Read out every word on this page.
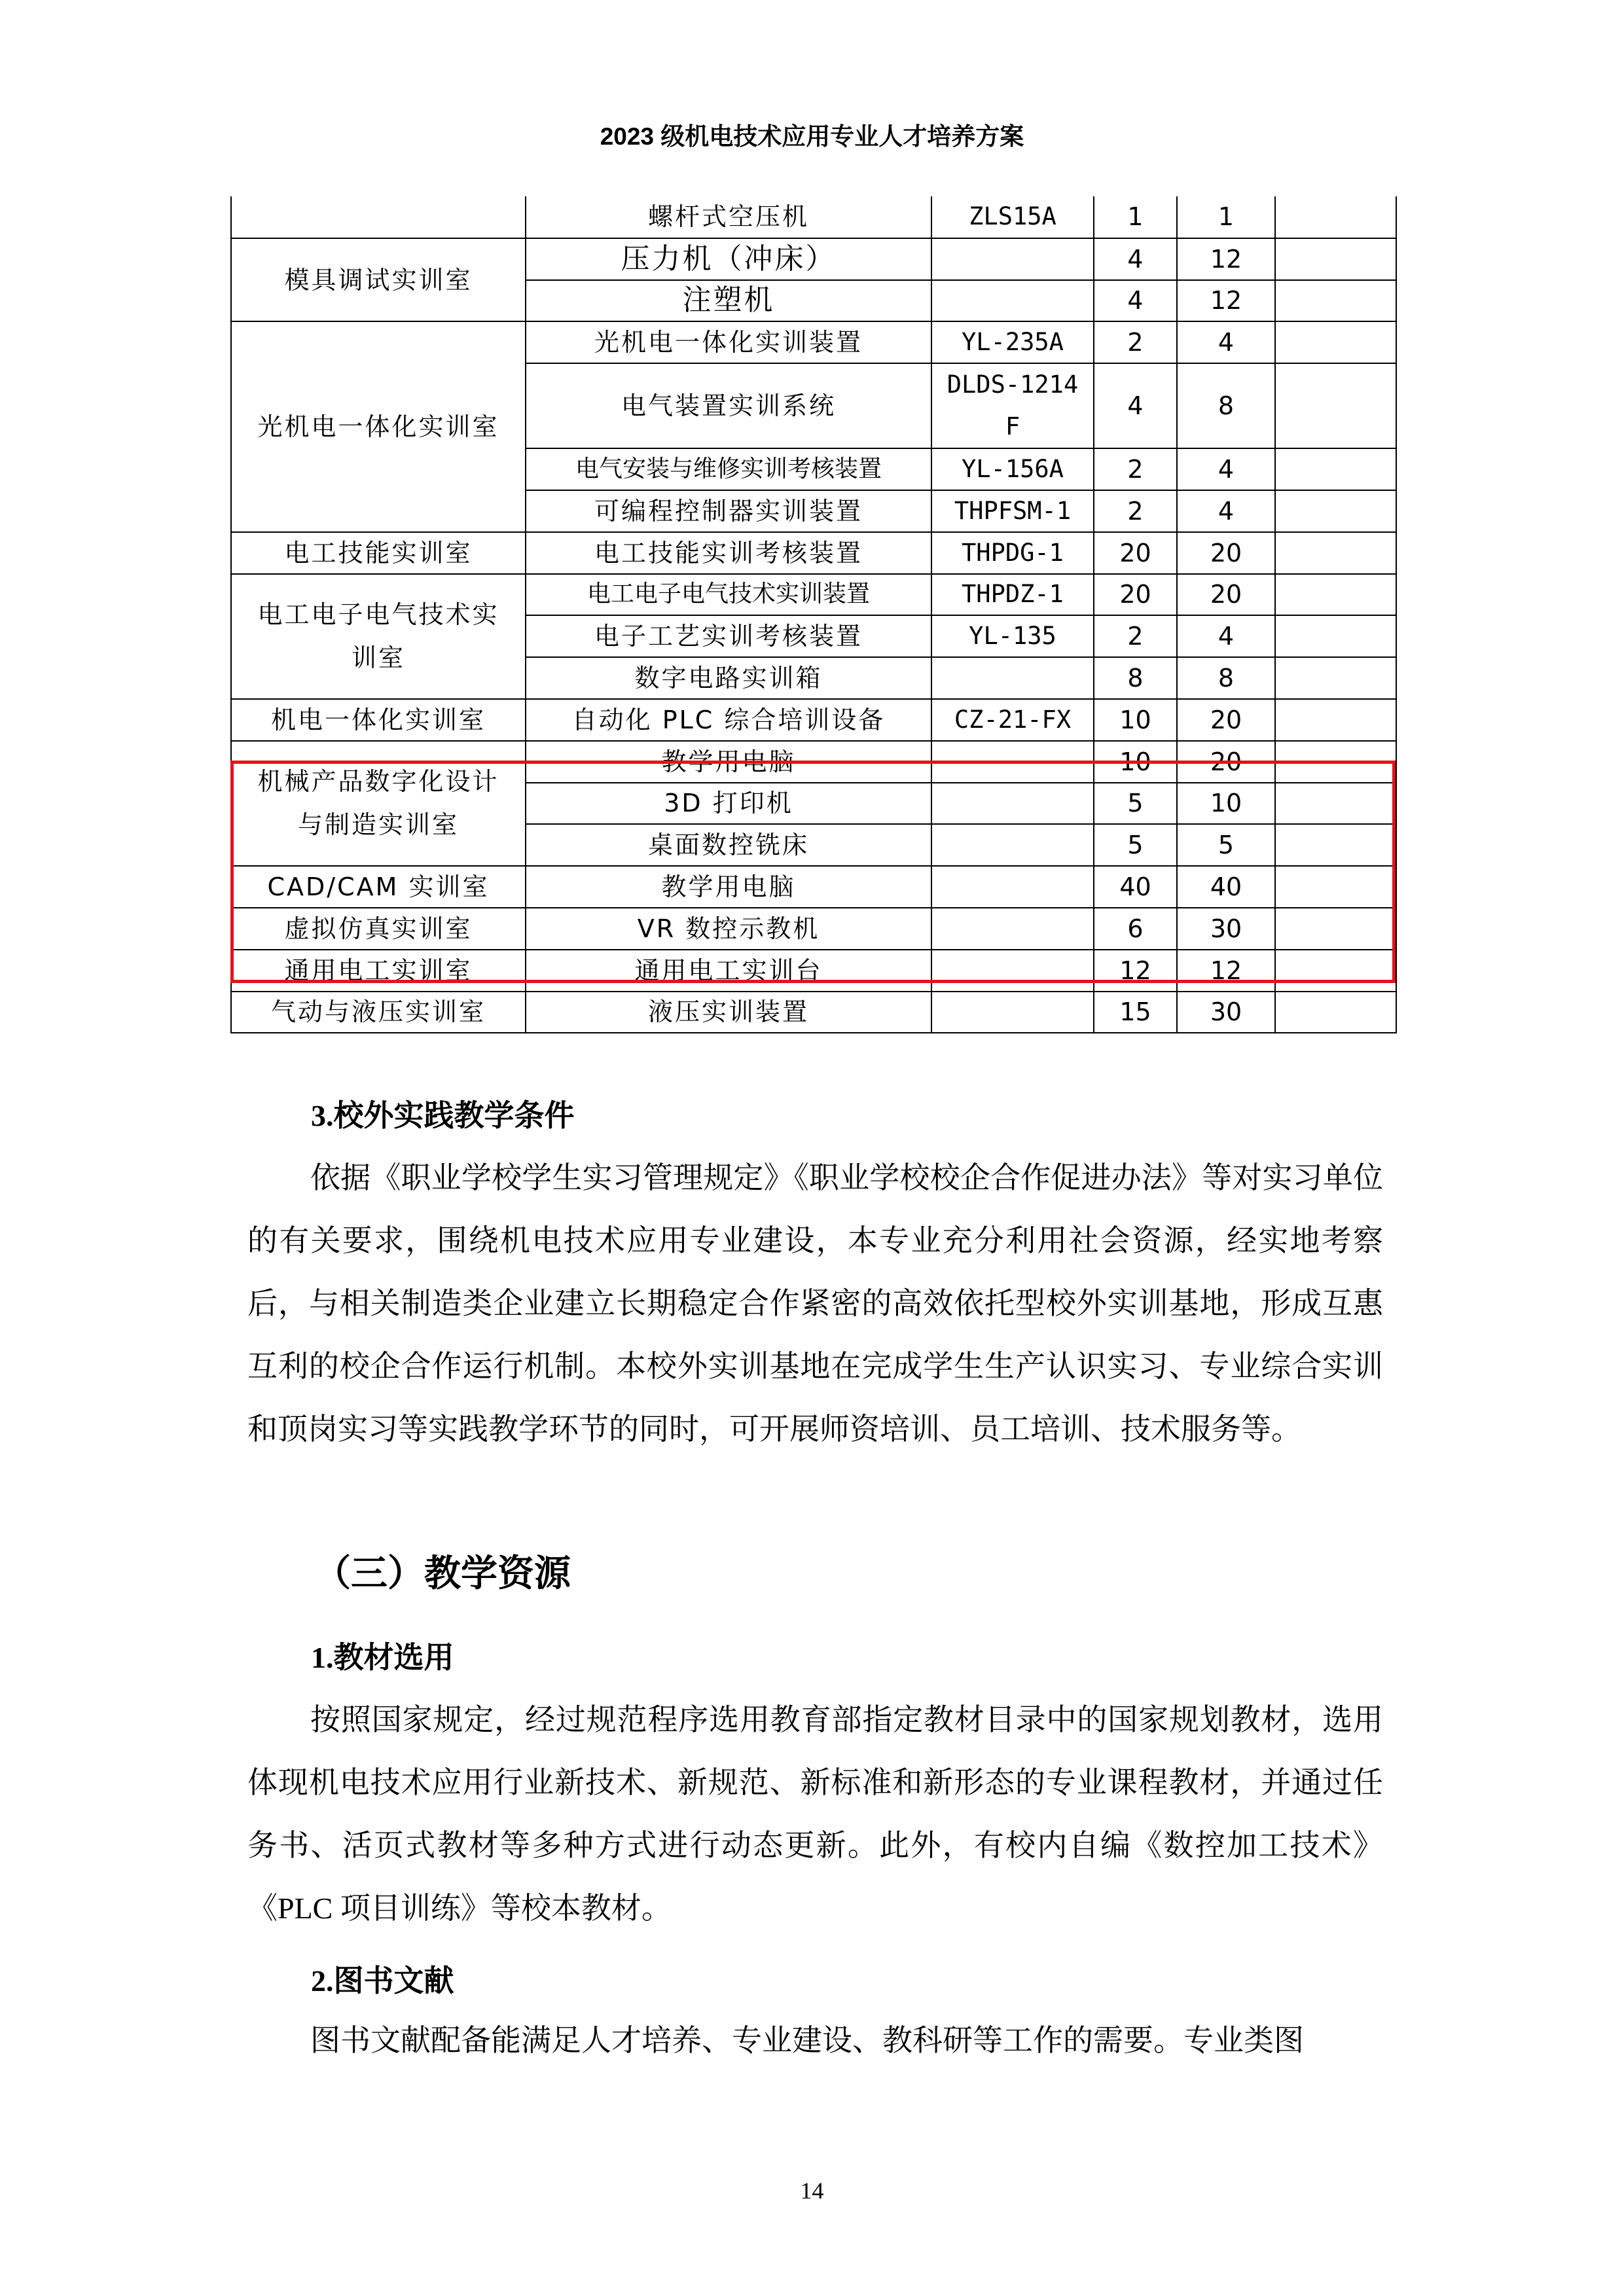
2023 级机电技术应用专业人才培养方案
	螺杆式空压机	ZLS15A	1	1	
模具调试实训室	压力机（冲床）		4	12	
	注塑机		4	12	
光机电一体化实训室	光机电一体化实训装置	YL-235A	2	4	
	电气装置实训系统	DLDS-1214F	4	8	
	电气安装与维修实训考核装置	YL-156A	2	4	
	可编程控制器实训装置	THPFSM-1	2	4	
电工技能实训室	电工技能实训考核装置	THPDG-1	20	20	
电工电子电气技术实训室	电工电子电气技术实训装置	THPDZ-1	20	20	
	电子工艺实训考核装置	YL-135	2	4	
	数字电路实训箱		8	8	
机电一体化实训室	自动化 PLC 综合培训设备	CZ-21-FX	10	20	
机械产品数字化设计与制造实训室	教学用电脑		10	20	
	3D 打印机		5	10	
	桌面数控铣床		5	5	
CAD/CAM 实训室	教学用电脑		40	40	
虚拟仿真实训室	VR 数控示教机		6	30	
通用电工实训室	通用电工实训台		12	12	
气动与液压实训室	液压实训装置		15	30	
3.校外实践教学条件
依据《职业学校学生实习管理规定》《职业学校校企合作促进办法》等对实习单位的有关要求，围绕机电技术应用专业建设，本专业充分利用社会资源，经实地考察后，与相关制造类企业建立长期稳定合作紧密的高效依托型校外实训基地，形成互惠互利的校企合作运行机制。本校外实训基地在完成学生生产认识实习、专业综合实训和顶岗实习等实践教学环节的同时，可开展师资培训、员工培训、技术服务等。
（三）教学资源
1.教材选用
按照国家规定，经过规范程序选用教育部指定教材目录中的国家规划教材，选用体现机电技术应用行业新技术、新规范、新标准和新形态的专业课程教材，并通过任务书、活页式教材等多种方式进行动态更新。此外，有校内自编《数控加工技术》《PLC 项目训练》等校本教材。
2.图书文献
图书文献配备能满足人才培养、专业建设、教科研等工作的需要。专业类图
14
